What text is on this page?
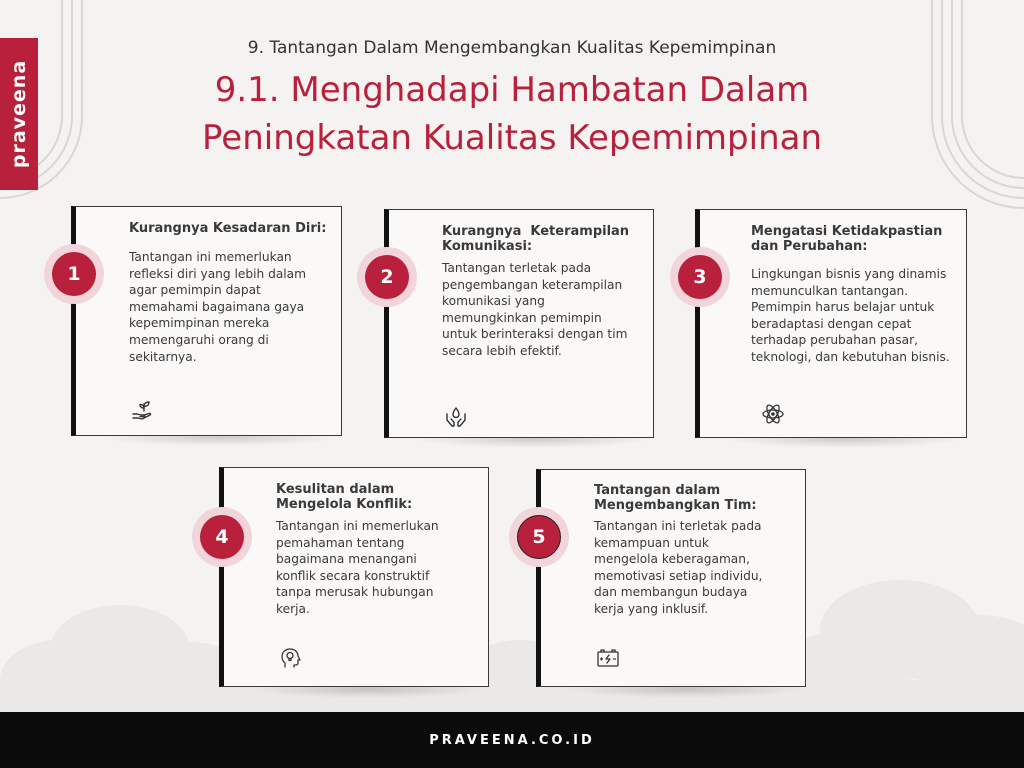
praveena
9. Tantangan Dalam Mengembangkan Kualitas Kepemimpinan
9.1. Menghadapi Hambatan Dalam
Peningkatan Kualitas Kepemimpinan
Kurangnya Kesadaran Diri:
Tantangan ini memerlukan
refleksi diri yang lebih dalam
agar pemimpin dapat
memahami bagaimana gaya
kepemimpinan mereka
memengaruhi orang di
sekitarnya.
1
Kurangnya  Keterampilan
Komunikasi:
Tantangan terletak pada
pengembangan keterampilan
komunikasi yang
memungkinkan pemimpin
untuk berinteraksi dengan tim
secara lebih efektif.
2
Mengatasi Ketidakpastian
dan Perubahan:
Lingkungan bisnis yang dinamis
memunculkan tantangan.
Pemimpin harus belajar untuk
beradaptasi dengan cepat
terhadap perubahan pasar,
teknologi, dan kebutuhan bisnis.
3
Kesulitan dalam
Mengelola Konflik:
Tantangan ini memerlukan
pemahaman tentang
bagaimana menangani
konflik secara konstruktif
tanpa merusak hubungan
kerja.
4
Tantangan dalam
Mengembangkan Tim:
Tantangan ini terletak pada
kemampuan untuk
mengelola keberagaman,
memotivasi setiap individu,
dan membangun budaya
kerja yang inklusif.
5
PRAVEENA.CO.ID
